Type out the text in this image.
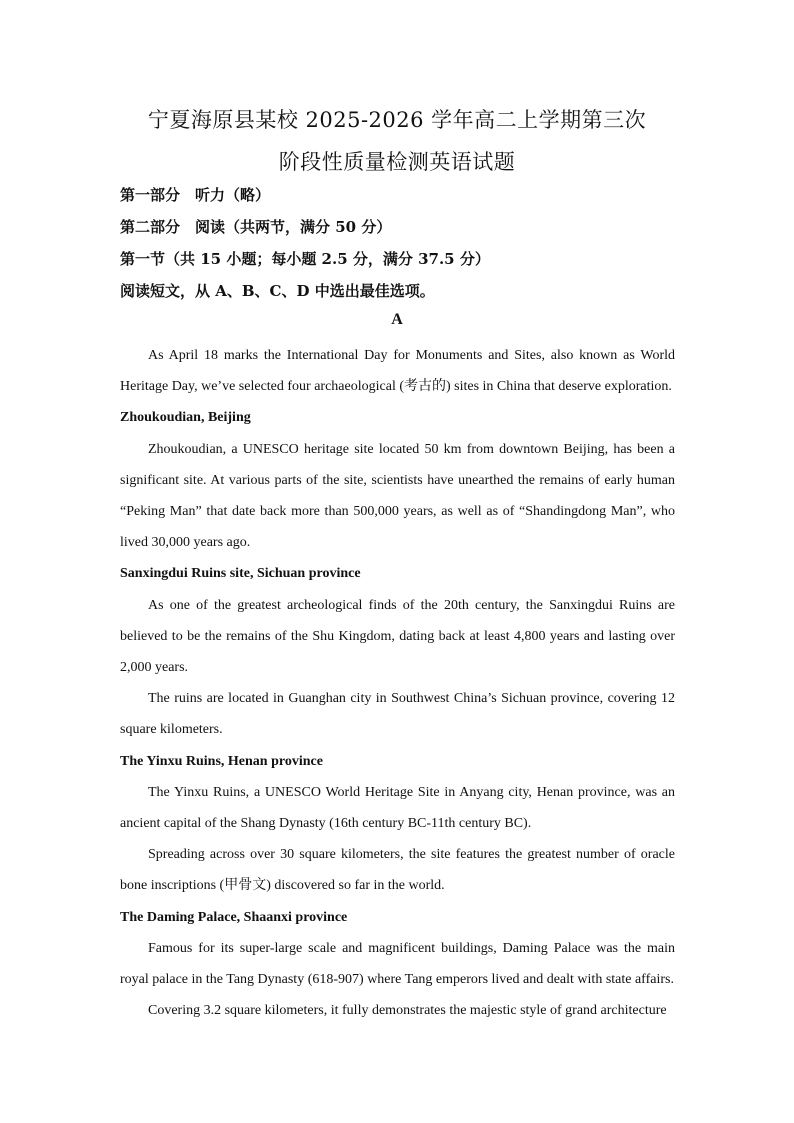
宁夏海原县某校 2025-2026 学年高二上学期第三次
阶段性质量检测英语试题
第一部分　听力（略）
第二部分　阅读（共两节，满分 50 分）
第一节（共 15 小题；每小题 2.5 分，满分 37.5 分）
阅读短文，从 A、B、C、D 中选出最佳选项。
A

As April 18 marks the International Day for Monuments and Sites, also known as World Heritage Day, we’ve selected four archaeological (考古的) sites in China that deserve exploration.

Zhoukoudian, Beijing

Zhoukoudian, a UNESCO heritage site located 50 km from downtown Beijing, has been a significant site. At various parts of the site, scientists have unearthed the remains of early human “Peking Man” that date back more than 500,000 years, as well as of “Shandingdong Man”, who lived 30,000 years ago.

Sanxingdui Ruins site, Sichuan province

As one of the greatest archeological finds of the 20th century, the Sanxingdui Ruins are believed to be the remains of the Shu Kingdom, dating back at least 4,800 years and lasting over 2,000 years.

The ruins are located in Guanghan city in Southwest China’s Sichuan province, covering 12 square kilometers.

The Yinxu Ruins, Henan province

The Yinxu Ruins, a UNESCO World Heritage Site in Anyang city, Henan province, was an ancient capital of the Shang Dynasty (16th century BC-11th century BC).

Spreading across over 30 square kilometers, the site features the greatest number of oracle bone inscriptions (甲骨文) discovered so far in the world.

The Daming Palace, Shaanxi province

Famous for its super-large scale and magnificent buildings, Daming Palace was the main royal palace in the Tang Dynasty (618-907) where Tang emperors lived and dealt with state affairs.

Covering 3.2 square kilometers, it fully demonstrates the majestic style of grand architecture
